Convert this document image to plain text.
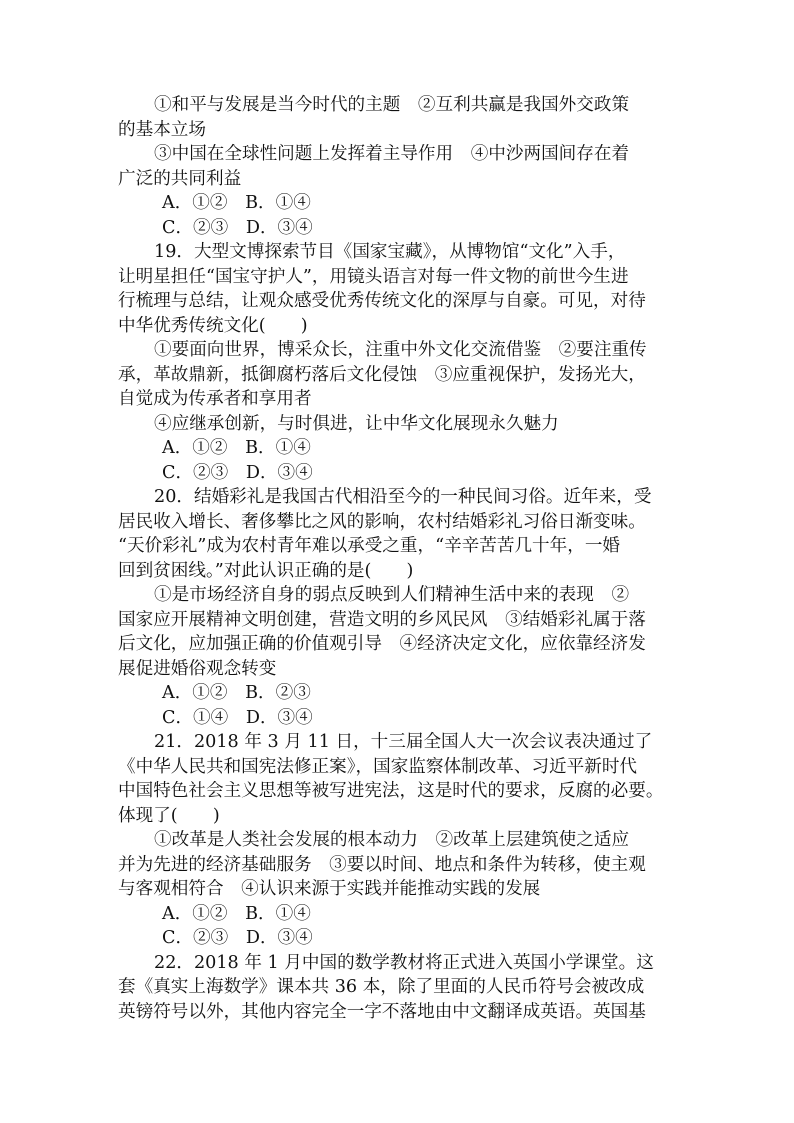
①和平与发展是当今时代的主题　②互利共赢是我国外交政策
的基本立场
③中国在全球性问题上发挥着主导作用　④中沙两国间存在着
广泛的共同利益
A．①②　B．①④
C．②③　D．③④
19．大型文博探索节目《国家宝藏》，从博物馆“文化”入手，
让明星担任“国宝守护人”，用镜头语言对每一件文物的前世今生进
行梳理与总结，让观众感受优秀传统文化的深厚与自豪。可见，对待
中华优秀传统文化(　　)
①要面向世界，博采众长，注重中外文化交流借鉴　②要注重传
承，革故鼎新，抵御腐朽落后文化侵蚀　③应重视保护，发扬光大，
自觉成为传承者和享用者
④应继承创新，与时俱进，让中华文化展现永久魅力
A．①②　B．①④
C．②③　D．③④
20．结婚彩礼是我国古代相沿至今的一种民间习俗。近年来，受
居民收入增长、奢侈攀比之风的影响，农村结婚彩礼习俗日渐变味。
“天价彩礼”成为农村青年难以承受之重，“辛辛苦苦几十年，一婚
回到贫困线。”对此认识正确的是(　　)
①是市场经济自身的弱点反映到人们精神生活中来的表现　②
国家应开展精神文明创建，营造文明的乡风民风　③结婚彩礼属于落
后文化，应加强正确的价值观引导　④经济决定文化，应依靠经济发
展促进婚俗观念转变
A．①②　B．②③
C．①④　D．③④
21．2018 年 3 月 11 日，十三届全国人大一次会议表决通过了
《中华人民共和国宪法修正案》，国家监察体制改革、习近平新时代
中国特色社会主义思想等被写进宪法，这是时代的要求，反腐的必要。
体现了(　　)
①改革是人类社会发展的根本动力　②改革上层建筑使之适应
并为先进的经济基础服务　③要以时间、地点和条件为转移，使主观
与客观相符合　④认识来源于实践并能推动实践的发展
A．①②　B．①④
C．②③　D．③④
22．2018 年 1 月中国的数学教材将正式进入英国小学课堂。这
套《真实上海数学》课本共 36 本，除了里面的人民币符号会被改成
英镑符号以外，其他内容完全一字不落地由中文翻译成英语。英国基
